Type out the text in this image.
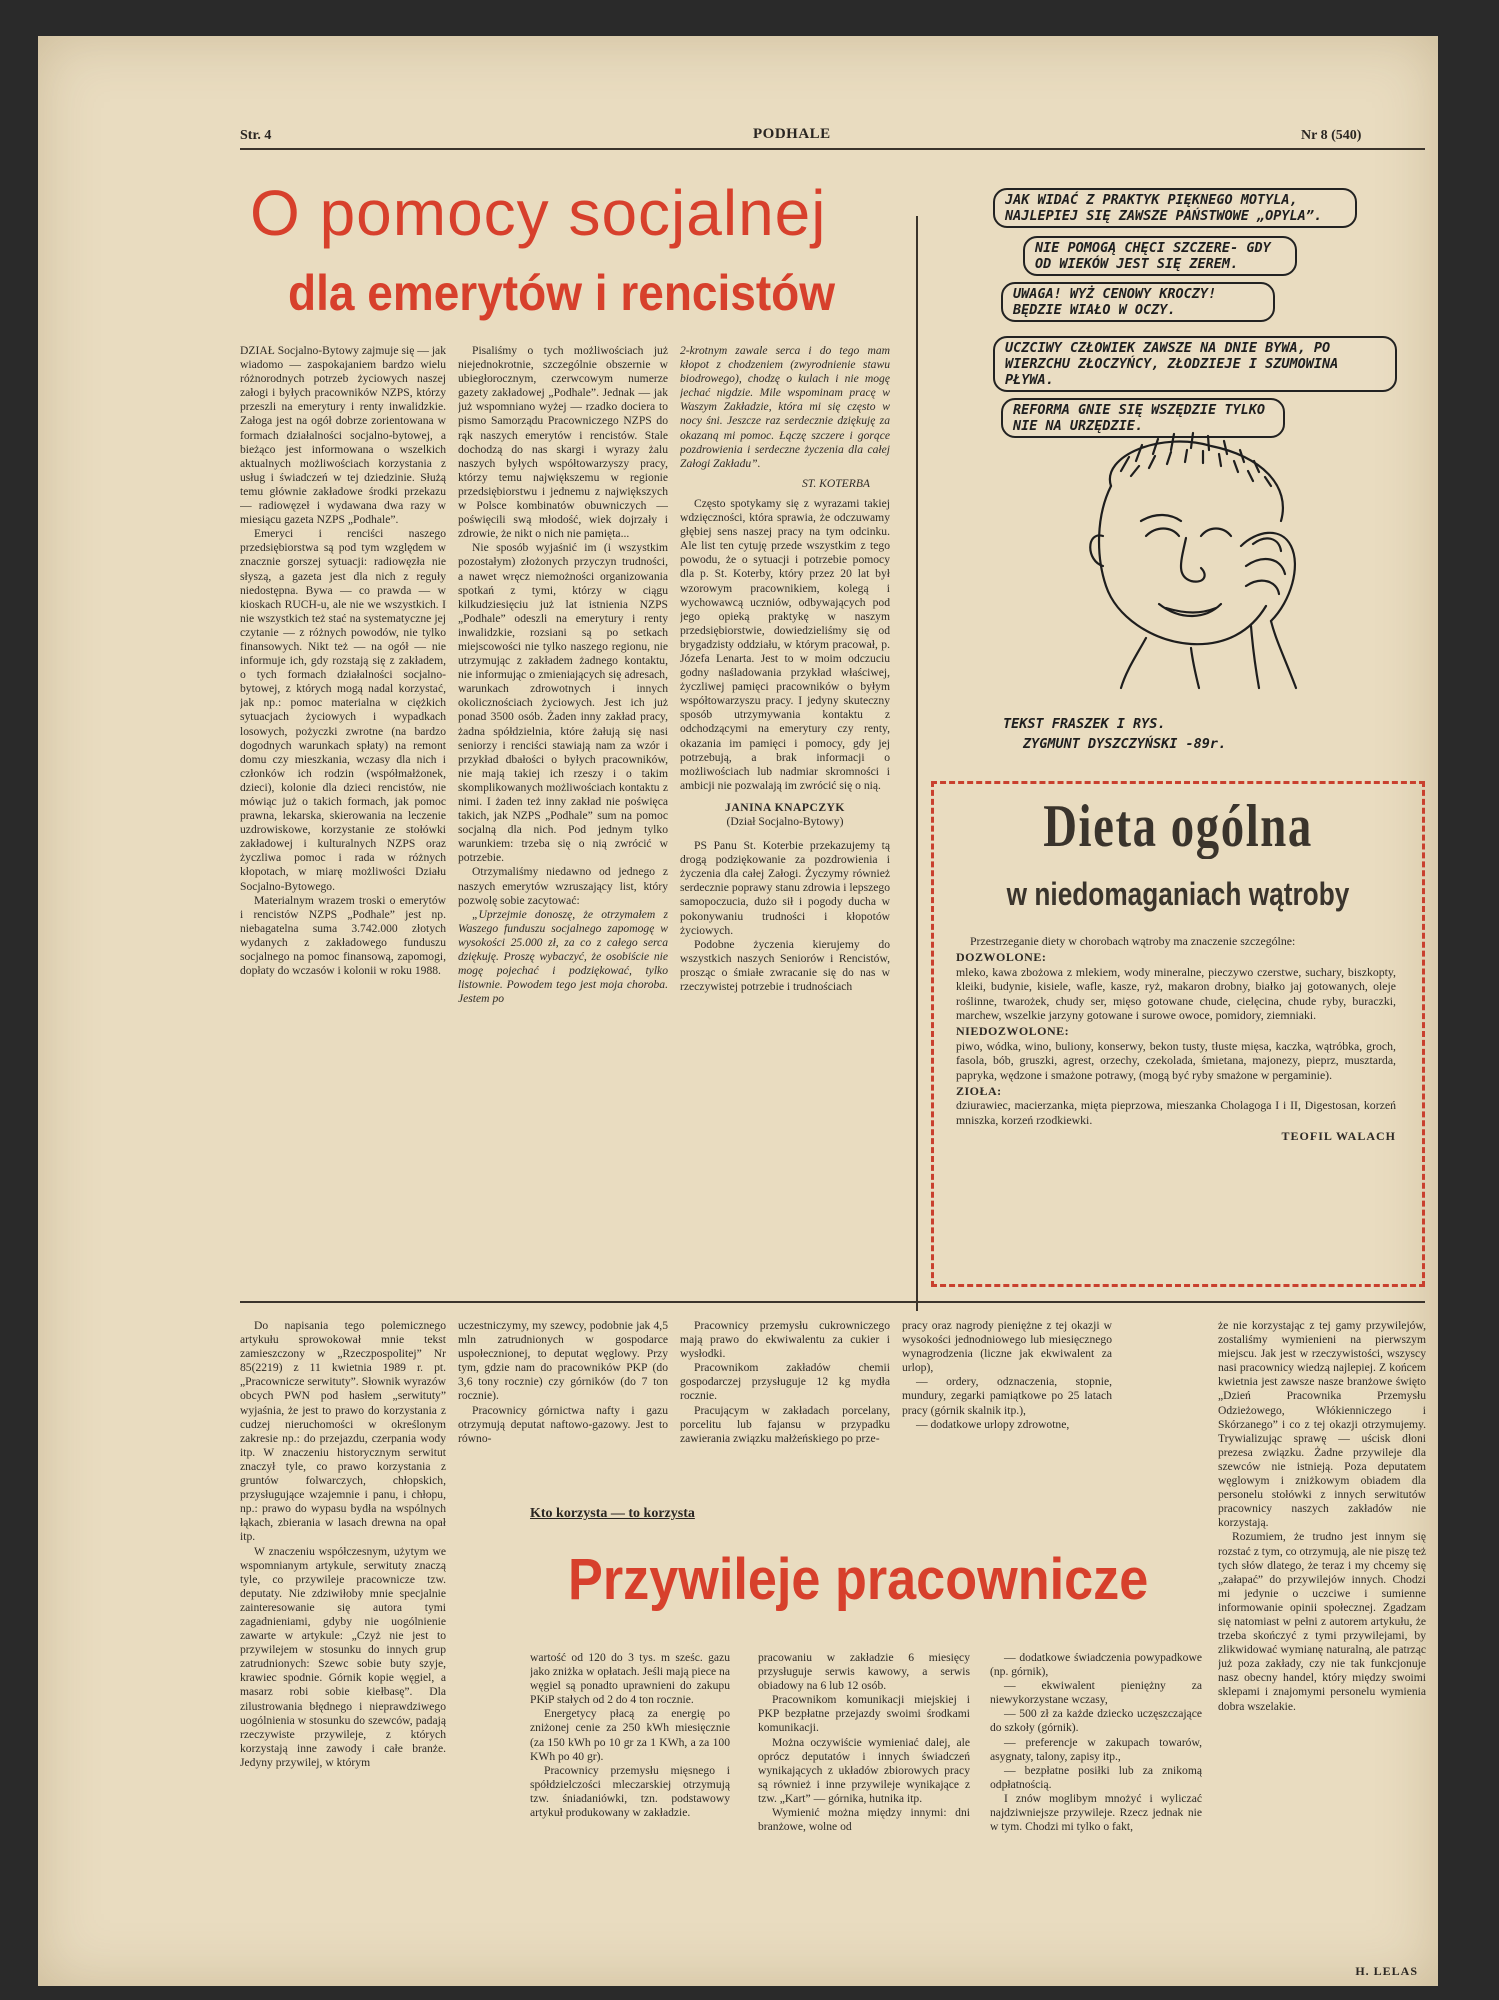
Str. 4	PODHALE	Nr 8 (540)
O pomocy socjalnej
dla emerytów i rencistów

DZIAŁ Socjalno-Bytowy zajmuje się — jak wiadomo — zaspokajaniem bardzo wielu różnorodnych potrzeb życiowych naszej załogi i byłych pracowników NZPS, którzy przeszli na emerytury i renty inwalidzkie. Załoga jest na ogół dobrze zorientowana w formach działalności socjalno-bytowej, a bieżąco jest informowana o wszelkich aktualnych możliwościach korzystania z usług i świadczeń w tej dziedzinie. Służą temu głównie zakładowe środki przekazu — radiowęzeł i wydawana dwa razy w miesiącu gazeta NZPS „Podhale”.

Emeryci i renciści naszego przedsiębiorstwa są pod tym względem w znacznie gorszej sytuacji: radiowęzła nie słyszą, a gazeta jest dla nich z reguły niedostępna. Bywa — co prawda — w kioskach RUCH-u, ale nie we wszystkich. I nie wszystkich też stać na systematyczne jej czytanie — z różnych powodów, nie tylko finansowych. Nikt też — na ogół — nie informuje ich, gdy rozstają się z zakładem, o tych formach działalności socjalno-bytowej, z których mogą nadal korzystać, jak np.: pomoc materialna w ciężkich sytuacjach życiowych i wypadkach losowych, pożyczki zwrotne (na bardzo dogodnych warunkach spłaty) na remont domu czy mieszkania, wczasy dla nich i członków ich rodzin (współmałżonek, dzieci), kolonie dla dzieci rencistów, nie mówiąc już o takich formach, jak pomoc prawna, lekarska, skierowania na leczenie uzdrowiskowe, korzystanie ze stołówki zakładowej i kulturalnych NZPS oraz życzliwa pomoc i rada w różnych kłopotach, w miarę możliwości Działu Socjalno-Bytowego.

Materialnym wrazem troski o emerytów i rencistów NZPS „Podhale” jest np. niebagatelna suma 3.742.000 złotych wydanych z zakładowego funduszu socjalnego na pomoc finansową, zapomogi, dopłaty do wczasów i kolonii w roku 1988.

Pisaliśmy o tych możliwościach już niejednokrotnie, szczególnie obszernie w ubiegłorocznym, czerwcowym numerze gazety zakładowej „Podhale”. Jednak — jak już wspomniano wyżej — rzadko dociera to pismo Samorządu Pracowniczego NZPS do rąk naszych emerytów i rencistów. Stale dochodzą do nas skargi i wyrazy żalu naszych byłych współtowarzyszy pracy, którzy temu największemu w regionie przedsiębiorstwu i jednemu z największych w Polsce kombinatów obuwniczych — poświęcili swą młodość, wiek dojrzały i zdrowie, że nikt o nich nie pamięta...

Nie sposób wyjaśnić im (i wszystkim pozostałym) złożonych przyczyn trudności, a nawet wręcz niemożności organizowania spotkań z tymi, którzy w ciągu kilkudziesięciu już lat istnienia NZPS „Podhale” odeszli na emerytury i renty inwalidzkie, rozsiani są po setkach miejscowości nie tylko naszego regionu, nie utrzymując z zakładem żadnego kontaktu, nie informując o zmieniających się adresach, warunkach zdrowotnych i innych okolicznościach życiowych. Jest ich już ponad 3500 osób. Żaden inny zakład pracy, żadna spółdzielnia, które żałują się nasi seniorzy i renciści stawiają nam za wzór i przykład dbałości o byłych pracowników, nie mają takiej ich rzeszy i o takim skomplikowanych możliwościach kontaktu z nimi. I żaden też inny zakład nie poświęca takich, jak NZPS „Podhale” sum na pomoc socjalną dla nich. Pod jednym tylko warunkiem: trzeba się o nią zwrócić w potrzebie.

Otrzymaliśmy niedawno od jednego z naszych emerytów wzruszający list, który pozwolę sobie zacytować:

„Uprzejmie donoszę, że otrzymałem z Waszego funduszu socjalnego zapomogę w wysokości 25.000 zł, za co z całego serca dziękuję. Proszę wybaczyć, że osobiście nie mogę pojechać i podziękować, tylko listownie. Powodem tego jest moja choroba. Jestem po

2-krotnym zawale serca i do tego mam kłopot z chodzeniem (zwyrodnienie stawu biodrowego), chodzę o kulach i nie mogę jechać nigdzie. Mile wspominam pracę w Waszym Zakładzie, która mi się często w nocy śni. Jeszcze raz serdecznie dziękuję za okazaną mi pomoc. Łączę szczere i gorące pozdrowienia i serdeczne życzenia dla całej Załogi Zakładu”.

ST. KOTERBA

Często spotykamy się z wyrazami takiej wdzięczności, która sprawia, że odczuwamy głębiej sens naszej pracy na tym odcinku. Ale list ten cytuję przede wszystkim z tego powodu, że o sytuacji i potrzebie pomocy dla p. St. Koterby, który przez 20 lat był wzorowym pracownikiem, kolegą i wychowawcą uczniów, odbywających pod jego opieką praktykę w naszym przedsiębiorstwie, dowiedzieliśmy się od brygadzisty oddziału, w którym pracował, p. Józefa Lenarta. Jest to w moim odczuciu godny naśladowania przykład właściwej, życzliwej pamięci pracowników o byłym współtowarzyszu pracy. I jedyny skuteczny sposób utrzymywania kontaktu z odchodzącymi na emerytury czy renty, okazania im pamięci i pomocy, gdy jej potrzebują, a brak informacji o możliwościach lub nadmiar skromności i ambicji nie pozwalają im zwrócić się o nią.

JANINA KNAPCZYK
(Dział Socjalno-Bytowy)

PS Panu St. Koterbie przekazujemy tą drogą podziękowanie za pozdrowienia i życzenia dla całej Załogi. Życzymy również serdecznie poprawy stanu zdrowia i lepszego samopoczucia, dużo sił i pogody ducha w pokonywaniu trudności i kłopotów życiowych.

Podobne życzenia kierujemy do wszystkich naszych Seniorów i Rencistów, prosząc o śmiałe zwracanie się do nas w rzeczywistej potrzebie i trudnościach

JAK WIDAĆ Z PRAKTYK PIĘKNEGO MOTYLA, NAJLEPIEJ SIĘ ZAWSZE PAŃSTWOWE „OPYLA”.
NIE POMOGĄ CHĘCI SZCZERE- GDY OD WIEKÓW JEST SIĘ ZEREM.
UWAGA! WYŻ CENOWY KROCZY! BĘDZIE WIAŁO W OCZY.
UCZCIWY CZŁOWIEK ZAWSZE NA DNIE BYWA, PO WIERZCHU ZŁOCZYŃCY, ZŁODZIEJE I SZUMOWINA PŁYWA.
REFORMA GNIE SIĘ WSZĘDZIE TYLKO NIE NA URZĘDZIE.
TEKST FRASZEK I RYS.
ZYGMUNT DYSZCZYŃSKI -89r.
Dieta ogólna
w niedomaganiach wątroby

Przestrzeganie diety w chorobach wątroby ma znaczenie szczególne:

DOZWOLONE:

mleko, kawa zbożowa z mlekiem, wody mineralne, pieczywo czerstwe, suchary, biszkopty, kleiki, budynie, kisiele, wafle, kasze, ryż, makaron drobny, białko jaj gotowanych, oleje roślinne, twarożek, chudy ser, mięso gotowane chude, cielęcina, chude ryby, buraczki, marchew, wszelkie jarzyny gotowane i surowe owoce, pomidory, ziemniaki.

NIEDOZWOLONE:

piwo, wódka, wino, buliony, konserwy, bekon tusty, tłuste mięsa, kaczka, wątróbka, groch, fasola, bób, gruszki, agrest, orzechy, czekolada, śmietana, majonezy, pieprz, musztarda, papryka, wędzone i smażone potrawy, (mogą być ryby smażone w pergaminie).

ZIOŁA:

dziurawiec, macierzanka, mięta pieprzowa, mieszanka Cholagoga I i II, Digestosan, korzeń mniszka, korzeń rzodkiewki.

TEOFIL WALACH

Do napisania tego polemicznego artykułu sprowokował mnie tekst zamieszczony w „Rzeczpospolitej” Nr 85(2219) z 11 kwietnia 1989 r. pt. „Pracownicze serwituty”. Słownik wyrazów obcych PWN pod hasłem „serwituty” wyjaśnia, że jest to prawo do korzystania z cudzej nieruchomości w określonym zakresie np.: do przejazdu, czerpania wody itp. W znaczeniu historycznym serwitut znaczył tyle, co prawo korzystania z gruntów folwarczych, chłopskich, przysługujące wzajemnie i panu, i chłopu, np.: prawo do wypasu bydła na wspólnych łąkach, zbierania w lasach drewna na opał itp.

W znaczeniu współczesnym, użytym we wspomnianym artykule, serwituty znaczą tyle, co przywileje pracownicze tzw. deputaty. Nie zdziwiłoby mnie specjalnie zainteresowanie się autora tymi zagadnieniami, gdyby nie uogólnienie zawarte w artykule: „Czyż nie jest to przywilejem w stosunku do innych grup zatrudnionych: Szewc sobie buty szyje, krawiec spodnie. Górnik kopie węgiel, a masarz robi sobie kiełbasę”. Dla zilustrowania błędnego i nieprawdziwego uogólnienia w stosunku do szewców, padają rzeczywiste przywileje, z których korzystają inne zawody i całe branże. Jedyny przywilej, w którym

uczestniczymy, my szewcy, podobnie jak 4,5 mln zatrudnionych w gospodarce uspołecznionej, to deputat węglowy. Przy tym, gdzie nam do pracowników PKP (do 3,6 tony rocznie) czy górników (do 7 ton rocznie).

Pracownicy górnictwa nafty i gazu otrzymują deputat naftowo-gazowy. Jest to równo-

Pracownicy przemysłu cukrowniczego mają prawo do ekwiwalentu za cukier i wysłodki.

Pracownikom zakładów chemii gospodarczej przysługuje 12 kg mydła rocznie.

Pracującym w zakładach porcelany, porcelitu lub fajansu w przypadku zawierania związku małżeńskiego po prze-

pracy oraz nagrody pieniężne z tej okazji w wysokości jednodniowego lub miesięcznego wynagrodzenia (liczne jak ekwiwalent za urlop),

— ordery, odznaczenia, stopnie, mundury, zegarki pamiątkowe po 25 latach pracy (górnik skalnik itp.),

— dodatkowe urlopy zdrowotne,

Kto korzysta — to korzysta
Przywileje pracownicze

wartość od 120 do 3 tys. m sześc. gazu jako zniżka w opłatach. Jeśli mają piece na węgiel są ponadto uprawnieni do zakupu PKiP stałych od 2 do 4 ton rocznie.

Energetycy płacą za energię po zniżonej cenie za 250 kWh miesięcznie (za 150 kWh po 10 gr za 1 KWh, a za 100 KWh po 40 gr).

Pracownicy przemysłu mięsnego i spółdzielczości mleczarskiej otrzymują tzw. śniadaniówki, tzn. podstawowy artykuł produkowany w zakładzie.

pracowaniu w zakładzie 6 miesięcy przysługuje serwis kawowy, a serwis obiadowy na 6 lub 12 osób.

Pracownikom komunikacji miejskiej i PKP bezpłatne przejazdy swoimi środkami komunikacji.

Można oczywiście wymieniać dalej, ale oprócz deputatów i innych świadczeń wynikających z układów zbiorowych pracy są również i inne przywileje wynikające z tzw. „Kart” — górnika, hutnika itp.

Wymienić można między innymi: dni branżowe, wolne od

— dodatkowe świadczenia powypadkowe (np. górnik),

— ekwiwalent pieniężny za niewykorzystane wczasy,

— 500 zł za każde dziecko uczęszczające do szkoły (górnik).

— preferencje w zakupach towarów, asygnaty, talony, zapisy itp.,

— bezpłatne posiłki lub za znikomą odpłatnością.

I znów moglibym mnożyć i wyliczać najdziwniejsze przywileje. Rzecz jednak nie w tym. Chodzi mi tylko o fakt,

że nie korzystając z tej gamy przywilejów, zostaliśmy wymienieni na pierwszym miejscu. Jak jest w rzeczywistości, wszyscy nasi pracownicy wiedzą najlepiej. Z końcem kwietnia jest zawsze nasze branżowe święto „Dzień Pracownika Przemysłu Odzieżowego, Włókienniczego i Skórzanego” i co z tej okazji otrzymujemy. Trywializując sprawę — uścisk dłoni prezesa związku. Żadne przywileje dla szewców nie istnieją. Poza deputatem węglowym i zniżkowym obiadem dla personelu stołówki z innych serwitutów pracownicy naszych zakładów nie korzystają.

Rozumiem, że trudno jest innym się rozstać z tym, co otrzymują, ale nie piszę też tych słów dlatego, że teraz i my chcemy się „załapać” do przywilejów innych. Chodzi mi jedynie o uczciwe i sumienne informowanie opinii społecznej. Zgadzam się natomiast w pełni z autorem artykułu, że trzeba skończyć z tymi przywilejami, by zlikwidować wymianę naturalną, ale patrząc już poza zakłady, czy nie tak funkcjonuje nasz obecny handel, który między swoimi sklepami i znajomymi personelu wymienia dobra wszelakie.

H. LELAS
